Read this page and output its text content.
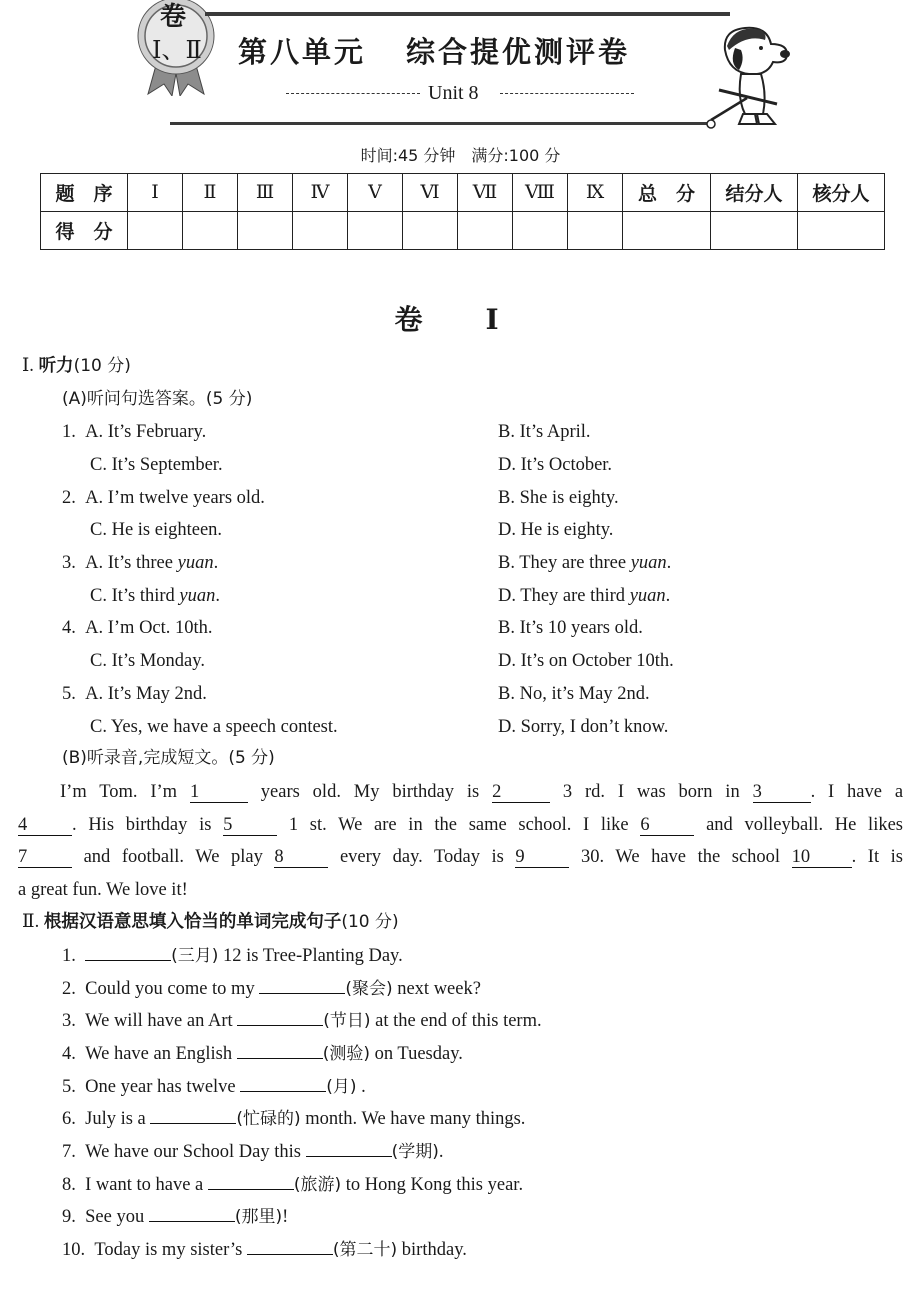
卷
Ⅰ、Ⅱ 第八单元 综合提优测评卷
Unit 8
时间:45 分钟　满分:100 分
题　序	Ⅰ	Ⅱ	Ⅲ	Ⅳ	Ⅴ	Ⅵ	Ⅶ	Ⅷ	Ⅸ	总　分	结分人	核分人
得　分												
卷 Ⅰ
Ⅰ. 听力(10 分)
(A)听问句选答案。(5 分)
1. A. It’s February.	B. It’s April.
C. It’s September.	D. It’s October.
2. A. I’m twelve years old.	B. She is eighty.
C. He is eighteen.	D. He is eighty.
3. A. It’s three yuan.	B. They are three yuan.
C. It’s third yuan.	D. They are third yuan.
4. A. I’m Oct. 10th.	B. It’s 10 years old.
C. It’s Monday.	D. It’s on October 10th.
5. A. It’s May 2nd.	B. No, it’s May 2nd.
C. Yes, we have a speech contest.	D. Sorry, I don’t know.
(B)听录音,完成短文。(5 分)
I’m Tom. I’m 1	years old. My birthday is 2	3 rd. I was born in 3	. I have a
4 . His birthday is 5	1 st. We are in the same school. I like 6	and volleyball. He likes
7	and football. We play 8	every day. Today is 9	30. We have the school 10 . It is
a great fun. We love it!
Ⅱ. 根据汉语意思填入恰当的单词完成句子(10 分)
1.	(三月) 12 is Tree-Planting Day.
2. Could you come to my	(聚会) next week?
3. We will have an Art	(节日) at the end of this term.
4. We have an English	(测验) on Tuesday.
5. One year has twelve	(月) .
6. July is a	(忙碌的) month. We have many things.
7. We have our School Day this	(学期).
8. I want to have a	(旅游) to Hong Kong this year.
9. See you	(那里)!
10. Today is my sister’s	(第二十) birthday.
